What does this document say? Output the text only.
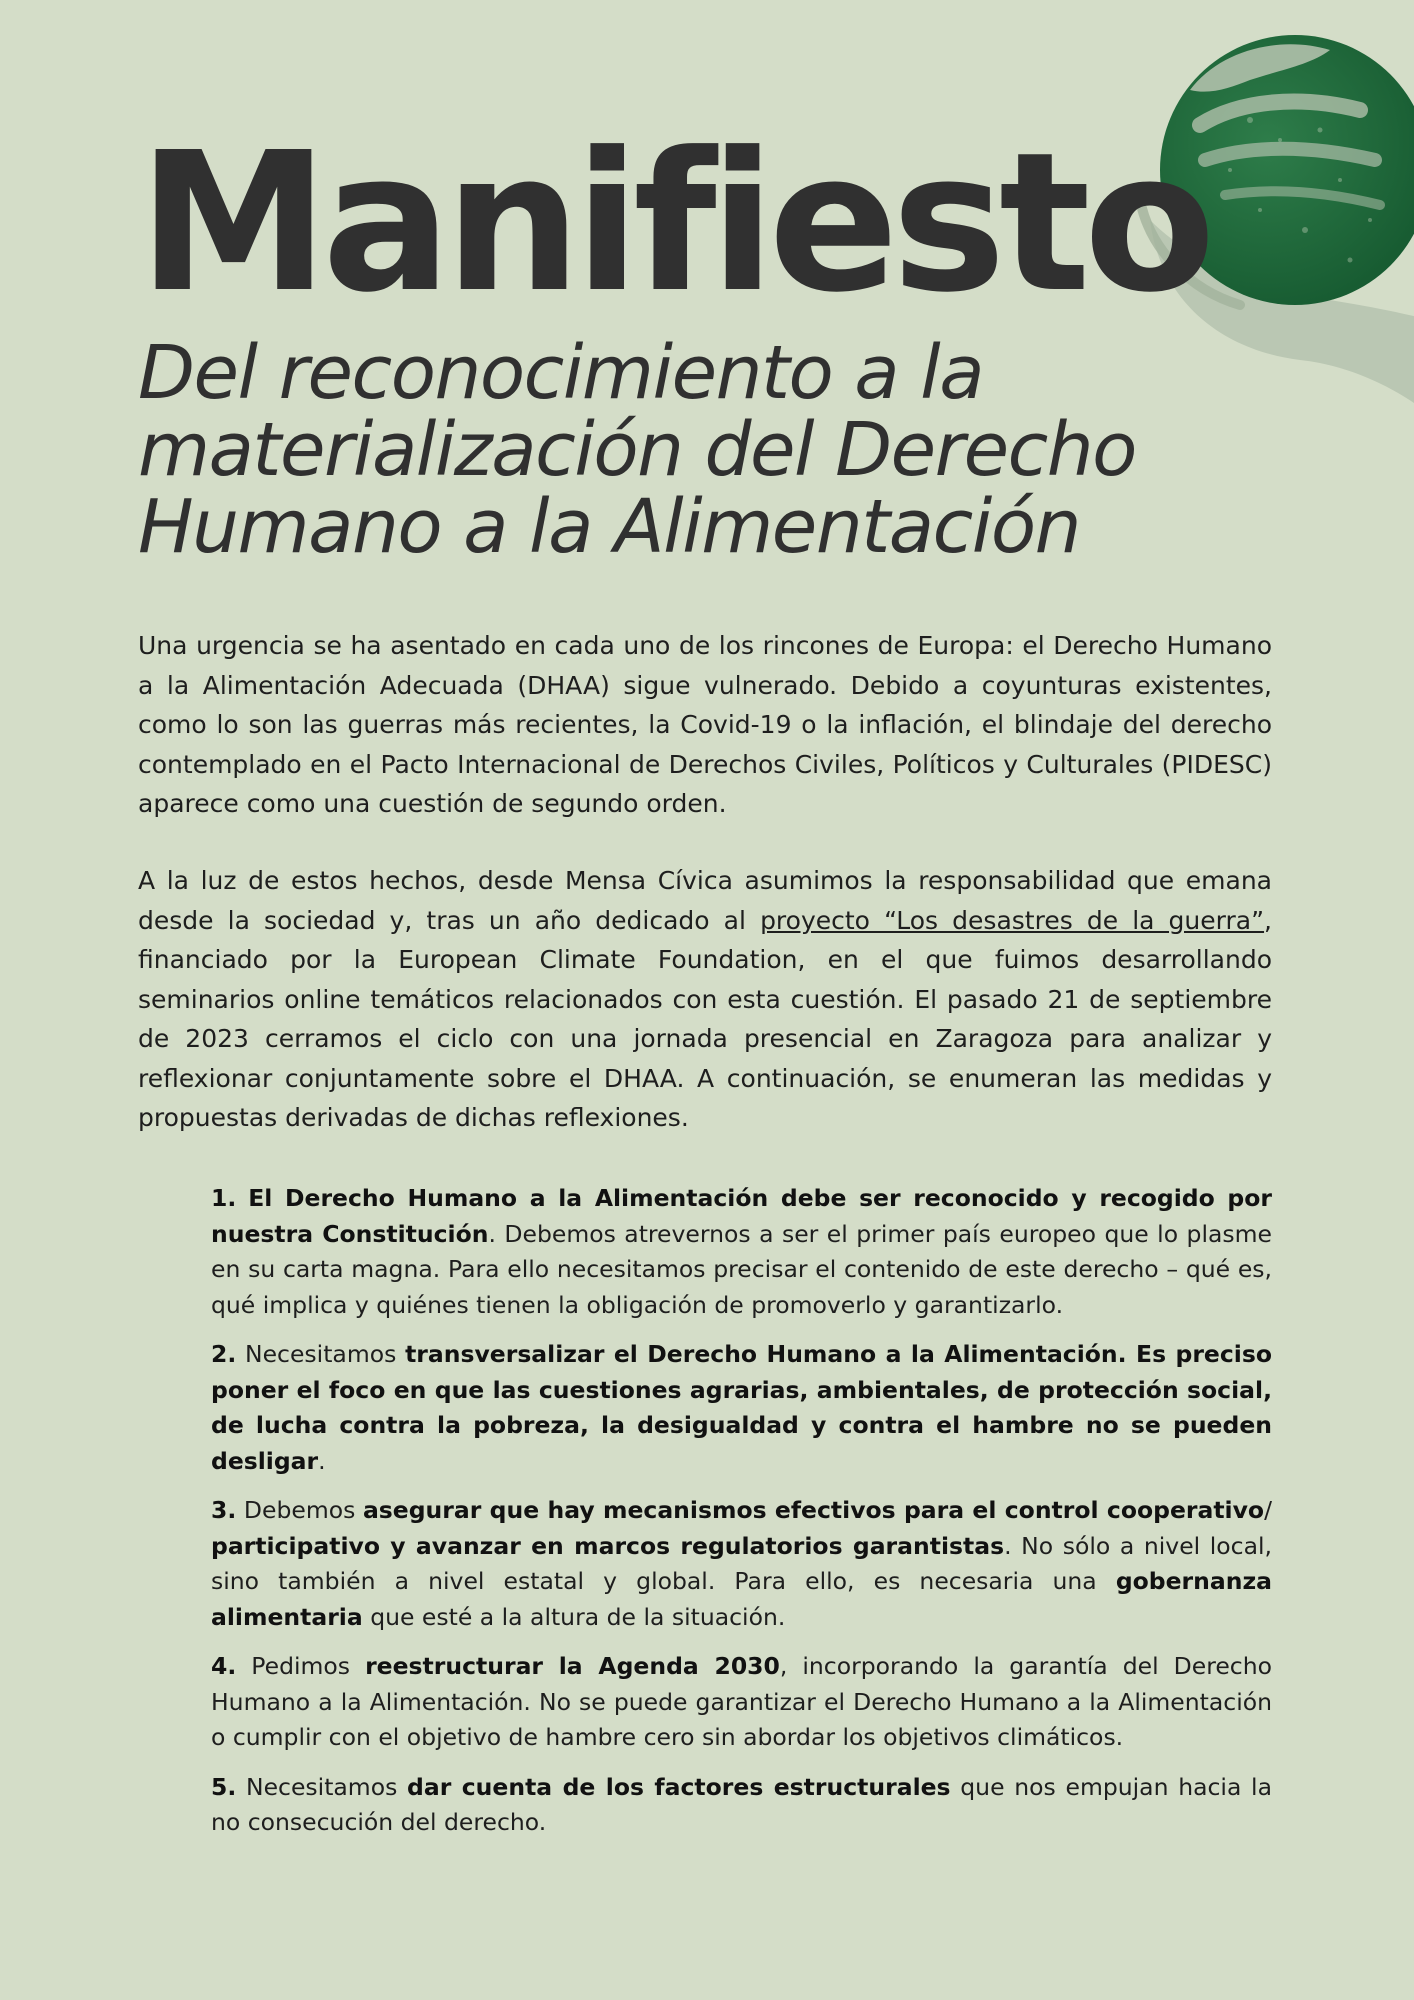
Manifiesto
Del reconocimiento a la
materialización del Derecho
Humano a la Alimentación

Una urgencia se ha asentado en cada uno de los rincones de Europa: el Derecho Humano a la Alimentación Adecuada (DHAA) sigue vulnerado. Debido a coyunturas existentes, como lo son las guerras más recientes, la Covid-19 o la inflación, el blindaje del derecho contemplado en el Pacto Internacional de Derechos Civiles, Políticos y Culturales (PIDESC) aparece como una cuestión de segundo orden.

A la luz de estos hechos, desde Mensa Cívica asumimos la responsabilidad que emana desde la sociedad y, tras un año dedicado al proyecto “Los desastres de la guerra”, financiado por la European Climate Foundation, en el que fuimos desarrollando seminarios online temáticos relacionados con esta cuestión. El pasado 21 de septiembre de 2023 cerramos el ciclo con una jornada presencial en Zaragoza para analizar y reflexionar conjuntamente sobre el DHAA. A continuación, se enumeran las medidas y propuestas derivadas de dichas reflexiones.

1. El Derecho Humano a la Alimentación debe ser reconocido y recogido por nuestra Constitución. Debemos atrevernos a ser el primer país europeo que lo plasme en su carta magna. Para ello necesitamos precisar el contenido de este derecho – qué es, qué implica y quiénes tienen la obligación de promoverlo y garantizarlo.
2. Necesitamos transversalizar el Derecho Humano a la Alimentación. Es preciso poner el foco en que las cuestiones agrarias, ambientales, de protección social, de lucha contra la pobreza, la desigualdad y contra el hambre no se pueden desligar.
3. Debemos asegurar que hay mecanismos efectivos para el control cooperativo/ participativo y avanzar en marcos regulatorios garantistas. No sólo a nivel local, sino también a nivel estatal y global. Para ello, es necesaria una gobernanza alimentaria que esté a la altura de la situación.
4. Pedimos reestructurar la Agenda 2030, incorporando la garantía del Derecho Humano a la Alimentación. No se puede garantizar el Derecho Humano a la Alimentación o cumplir con el objetivo de hambre cero sin abordar los objetivos climáticos.
5. Necesitamos dar cuenta de los factores estructurales que nos empujan hacia la no consecución del derecho.
